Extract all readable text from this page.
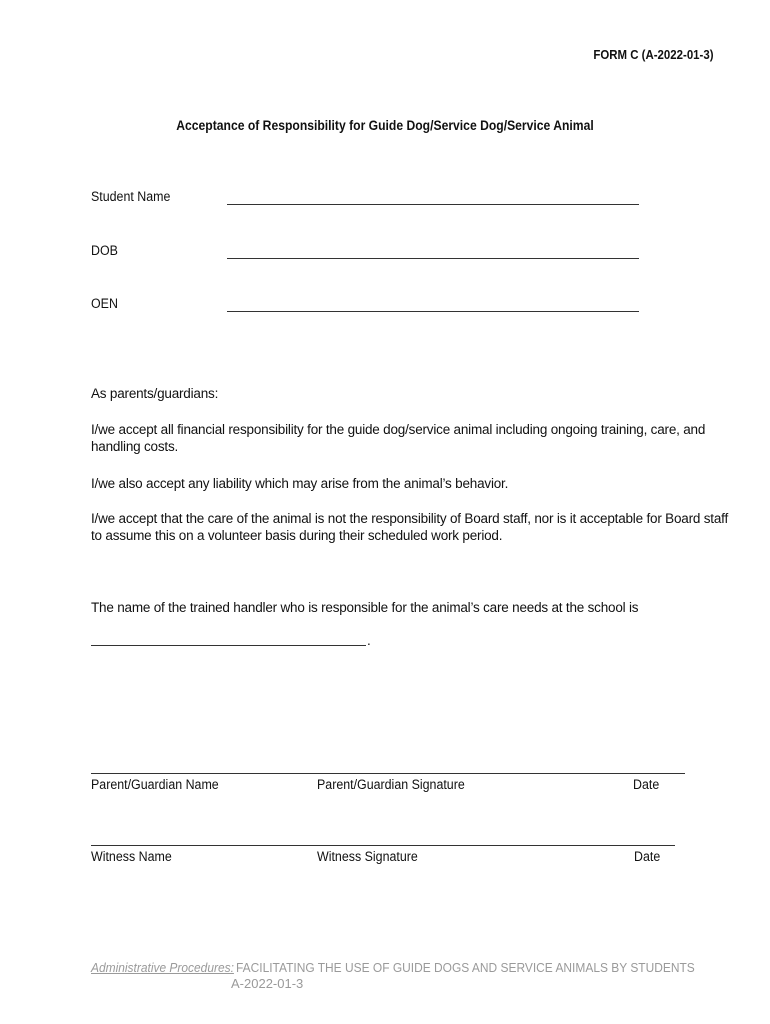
FORM C (A-2022-01-3)
Acceptance of Responsibility for Guide Dog/Service Dog/Service Animal
Student Name
DOB
OEN
As parents/guardians:
I/we accept all financial responsibility for the guide dog/service animal including ongoing training, care, and handling costs.
I/we also accept any liability which may arise from the animal’s behavior.
I/we accept that the care of the animal is not the responsibility of Board staff, nor is it acceptable for Board staff to assume this on a volunteer basis during their scheduled work period.
The name of the trained handler who is responsible for the animal’s care needs at the school is
.
Parent/Guardian Name	Parent/Guardian Signature	Date
Witness Name	Witness Signature	Date
Administrative Procedures: FACILITATING THE USE OF GUIDE DOGS AND SERVICE ANIMALS BY STUDENTS
A-2022-01-3
